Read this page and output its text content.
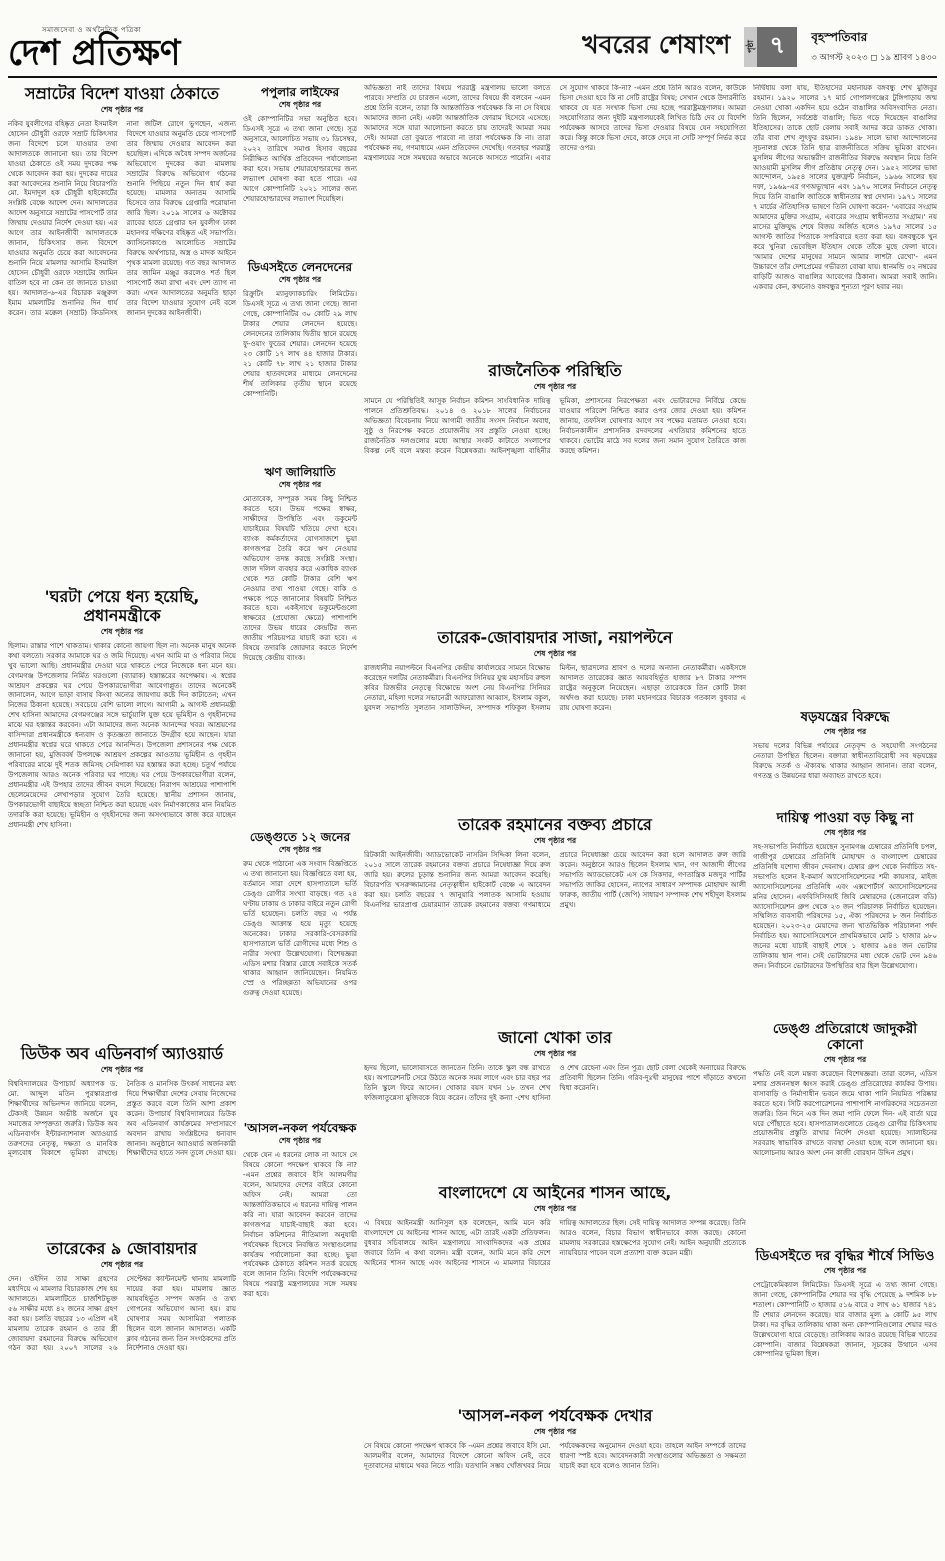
সমাজসেবা ও অর্থনৈতিক পত্রিকা
দেশ প্রতিক্ষণ	খবরের শেষাংশ পৃষ্ঠা ৭	বৃহস্পতিবার
৩ আগস্ট ২০২৩ ◻ ১৯ শ্রাবণ ১৪৩০
সম্রাটের বিদেশ যাওয়া ঠেকাতে
শেষ পৃষ্ঠার পর
নকিব যুবলীগের বহিষ্কৃত নেতা ইসমাইল হোসেন চৌধুরী ওরফে সম্রাট চিকিৎসার জন্য বিদেশে চলে যাওয়ার তথ্য আদালতকে জানানো হয়। তার বিদেশ যাওয়া ঠেকাতে ওই সময় দুদকের পক্ষ থেকে আবেদন করা হয়। দুদকের দায়ের করা আবেদনের শুনানি নিয়ে বিচারপতি মো. ইমদাদুল হক চৌধুরী হাইকোর্টের সংশ্লিষ্ট বেঞ্চে আদেশ দেন। আদালতের আদেশ অনুসারে সম্রাটের পাসপোর্ট তার জিম্মায় দেওয়ার নির্দেশ দেওয়া হয়। এর আগে তার আইনজীবী আদালতকে জানান, চিকিৎসার জন্য বিদেশে যাওয়ার অনুমতি চেয়ে করা আবেদনের শুনানি নিয়ে মামলার আসামি ইসমাইল হোসেন চৌধুরী ওরফে সম্রাটের জামিন বাতিল হবে না কেন তা জানতে চাওয়া হয়। আদালত-৬-এর বিচারক মঞ্জুরুল ইমাম মামলাটির শুনানির দিন ধার্য করেন। তার মক্কেল (সম্রাট) কিডনিসহ নানা জটিল রোগে ভুগছেন, এজন্য বিদেশে যাওয়ার অনুমতি চেয়ে পাসপোর্ট তার জিম্মায় দেওয়ার আবেদন করা হয়েছিল। এদিকে অবৈধ সম্পদ অর্জনের অভিযোগে দুদকের করা মামলায় সম্রাটের বিরুদ্ধে অভিযোগ গঠনের শুনানি পিছিয়ে নতুন দিন ধার্য করা হয়েছে। মামলার অন্যতম আসামি হিসেবে তার বিরুদ্ধে গ্রেপ্তারি পরোয়ানা জারি ছিল। ২০১৯ সালের ৬ অক্টোবর র‍্যাবের হাতে গ্রেপ্তার হন যুবলীগ ঢাকা মহানগর দক্ষিণের বহিষ্কৃত এই সভাপতি। ক্যাসিনোকাণ্ডে আলোচিত সম্রাটের বিরুদ্ধে অর্থপাচার, অস্ত্র ও মাদক আইনে পৃথক মামলা রয়েছে। গত বছর আদালত তার জামিন মঞ্জুর করলেও শর্ত ছিল পাসপোর্ট জমা রাখা এবং দেশ ত্যাগ না করা। এখন আদালতের অনুমতি ছাড়া তার বিদেশ যাওয়ার সুযোগ নেই বলে জানান দুদকের আইনজীবী।
'ঘরটা পেয়ে ধন্য হয়েছি, প্রধানমন্ত্রীকে
শেষ পৃষ্ঠার পর
ছিলাম। রাস্তার পাশে থাকতাম। থাকার কোনো জায়গা ছিল না। অনেক মানুষ অনেক কথা বলতো। সরকার আমাকে ঘর ও জমি দিয়েছে। এখন আমি মা ও পরিবার নিয়ে খুব ভালো আছি। প্রধানমন্ত্রীর দেওয়া ঘরে থাকতে পেরে নিজেকে ধন্য মনে হয়। বেগমগঞ্জ উপজেলার নির্মিত ঘরগুলো (ব্যারাক) হস্তান্তরের অপেক্ষায়। এ স্বপ্নের আশ্রয়ণ প্রকল্পের ঘর পেয়ে উপকারভোগীরা আবেগাপ্লুত। তাদের অনেকেই জানালেন, আগে ভাড়া বাসায় কিংবা অন্যের জায়গায় কষ্টে দিন কাটাতেন; এখন নিজের ঠিকানা হয়েছে। সবচেয়ে বেশি ভালো লাগে। আগামী ৯ আগস্ট প্রধানমন্ত্রী শেখ হাসিনা আমাদের বেগমগঞ্জের সঙ্গে ভার্চুয়ালি যুক্ত হয়ে ভূমিহীন ও গৃহহীনদের মাঝে ঘর হস্তান্তর করবেন। এটা আমাদের জন্য অনেক আনন্দের খবর। আশ্রয়ণের বাসিন্দারা প্রধানমন্ত্রীকে ধন্যবাদ ও কৃতজ্ঞতা জানাতে উদগ্রীব হয়ে আছেন। যারা প্রধানমন্ত্রীর স্বপ্নের ঘরে থাকতে পেরে আনন্দিত। উপজেলা প্রশাসনের পক্ষ থেকে জানানো হয়, মুজিববর্ষ উপলক্ষে আশ্রয়ণ প্রকল্পের আওতায় ভূমিহীন ও গৃহহীন পরিবারের মাঝে দুই শতক জমিসহ সেমিপাকা ঘর হস্তান্তর করা হচ্ছে। চতুর্থ পর্যায়ে উপজেলায় আরও অনেক পরিবার ঘর পাচ্ছে। ঘর পেয়ে উপকারভোগীরা বলেন, প্রধানমন্ত্রীর এই উপহার তাদের জীবন বদলে দিয়েছে। নিরাপদ আশ্রয়ের পাশাপাশি ছেলেমেয়েদের লেখাপড়ার সুযোগ তৈরি হয়েছে। স্থানীয় প্রশাসন জানায়, উপকারভোগী বাছাইয়ে স্বচ্ছতা নিশ্চিত করা হয়েছে এবং নির্মাণকাজের মান নিয়মিত তদারকি করা হয়েছে। ভূমিহীন ও গৃহহীনদের জন্য অসংখ্যভাবে কাজ করে যাচ্ছেন প্রধানমন্ত্রী শেখ হাসিনা।
ডিউক অব এডিনবার্গ অ্যাওয়ার্ড
শেষ পৃষ্ঠার পর
বিশ্ববিদ্যালয়ের উপাচার্য অধ্যাপক ড. মো. আব্দুল মতিন পুরস্কারপ্রাপ্ত শিক্ষার্থীদের অভিনন্দন জানিয়ে বলেন, টেকসই উন্নয়ন অভীষ্ট অর্জনে যুব সমাজের সম্পৃক্ততা জরুরি। ডিউক অব এডিনবার্গস ইন্টারন্যাশনাল অ্যাওয়ার্ড তরুণদের নেতৃত্ব, দক্ষতা ও মানবিক মূল্যবোধ বিকাশে ভূমিকা রাখছে। নৈতিক ও মানসিক উৎকর্ষ সাধনের মধ্য দিয়ে শিক্ষার্থীরা দেশের সেবায় নিজেদের প্রস্তুত করবে বলে তিনি আশা প্রকাশ করেন। উপাচার্য বিশ্ববিদ্যালয়ের ডিউক অব এডিনবার্গ কার্যক্রমের সম্প্রসারণে অবদান রাখায় সংশ্লিষ্টদের ধন্যবাদ জানান। অনুষ্ঠানে অ্যাওয়ার্ড অর্জনকারী শিক্ষার্থীদের হাতে সনদ তুলে দেওয়া হয়।
তারেকের ৯ জোবায়দার
শেষ পৃষ্ঠার পর
দেন। ওইদিন তার সাক্ষ্য গ্রহণের মধ্যদিয়ে এ মামলার বিচারকাজ শেষ হয় আদালতে। মামলাটিতে চার্জশিটভুক্ত ৫৬ সাক্ষীর মধ্যে ৪২ জনের সাক্ষ্য গ্রহণ করা হয়। চলতি বছরের ১৩ এপ্রিল এই মামলায় তারেক রহমান ও তার স্ত্রী জোবায়দা রহমানের বিরুদ্ধে অভিযোগ গঠন করা হয়। ২০০৭ সালের ২৬ সেপ্টেম্বর ক্যান্টনমেন্ট থানায় মামলাটি দায়ের করা হয়। মামলায় জ্ঞাত আয়বহির্ভূত সম্পদ অর্জন ও তথ্য গোপনের অভিযোগ আনা হয়। রায় ঘোষণার সময় আসামিরা পলাতক ছিলেন বলে জানান আদালত। একটি ক্লাব গঠনের জন্য তিন সংগঠকদের প্রতি নির্দেশনাও দেওয়া হয়।
পপুলার লাইফের
শেষ পৃষ্ঠার পর
ওই কোম্পানিটির সভা অনুষ্ঠিত হবে। ডিএসই সূত্রে এ তথ্য জানা গেছে। সূত্র অনুসারে, আলোচিত সভায় ৩১ ডিসেম্বর, ২০২২ তারিখে সমাপ্ত হিসাব বছরের নিরীক্ষিত আর্থিক প্রতিবেদন পর্যালোচনা করা হবে। সভায় শেয়ারহোল্ডারদের জন্য লভ্যাংশ ঘোষণা করা হতে পারে। এর আগে কোম্পানিটি ২০২১ সালের জন্য শেয়ারহোল্ডারদের লভ্যাংশ দিয়েছিল।
ডিএসইতে লেনদেনের
শেষ পৃষ্ঠার পর
রিক্রুটিং ম্যানুফ্যাকচারিং লিমিটেড। ডিএসই সূত্রে এ তথ্য জানা গেছে। জানা গেছে, কোম্পানিটির ৩০ কোটি ২৯ লাখ টাকার শেয়ার লেনদেন হয়েছে। লেনদেনের তালিকায় দ্বিতীয় স্থানে রয়েছে ফু-ওয়াং ফুডের শেয়ার। লেনদেন হয়েছে ২৩ কোটি ১৭ লাখ ৪৪ হাজার টাকার। ২১ কোটি ৭৮ লাখ ২১ হাজার টাকার শেয়ার হাতবদলের মাধ্যমে লেনদেনের শীর্ষ তালিকার তৃতীয় স্থানে রয়েছে কোম্পানিটি।
ঋণ জালিয়াতি
শেষ পৃষ্ঠার পর
মোতাবেক, সম্পূরক সময় কিছু নিশ্চিত করতে হবে। উভয় পক্ষের স্বাক্ষর, সাক্ষীদের উপস্থিতি এবং ডকুমেন্ট যাচাইয়ের বিষয়টি খতিয়ে দেখা হবে। ব্যাংক কর্মকর্তাদের যোগসাজশে ভুয়া কাগজপত্র তৈরি করে ঋণ নেওয়ার অভিযোগ তদন্ত করছে সংশ্লিষ্ট সংস্থা। জাল দলিল ব্যবহার করে একাধিক ব্যাংক থেকে শত কোটি টাকার বেশি ঋণ নেওয়ার তথ্য পাওয়া গেছে। বাকি ও পক্ষকে পড়ে জানানোর বিষয়টি নিশ্চিত করতে হবে। একইসাথে ডকুমেন্টগুলো স্বাক্ষরের (প্রযোজ্য ক্ষেত্রে) পাশাপাশি তাদের উভয় ধারের কেন্দ্রটির জন্য জাতীয় পরিচয়পত্র যাচাই করা হবে। এ বিষয়ে তদারকি জোরদার করতে নির্দেশ দিয়েছে কেন্দ্রীয় ব্যাংক।
ডেঙ্গুতে ১২ জনের
শেষ পৃষ্ঠার পর
রুম থেকে পাঠানো এক সংবাদ বিজ্ঞপ্তিতে এ তথ্য জানানো হয়। বিজ্ঞপ্তিতে বলা হয়, বর্তমানে সারা দেশে হাসপাতালে ভর্তি ডেঙ্গু রোগীর সংখ্যা বাড়ছে। গত ২৪ ঘণ্টায় ঢাকায় ও ঢাকার বাইরে নতুন রোগী ভর্তি হয়েছেন। চলতি বছর এ পর্যন্ত ডেঙ্গু আক্রান্ত হয়ে মৃত্যু হয়েছে অনেকের। ঢাকার সরকারি-বেসরকারি হাসপাতালে ভর্তি রোগীদের মধ্যে শিশু ও নারীর সংখ্যা উল্লেখযোগ্য। বিশেষজ্ঞরা এডিস মশার বিস্তার রোধে সবাইকে সতর্ক থাকার আহ্বান জানিয়েছেন। নিয়মিত স্প্রে ও পরিচ্ছন্নতা অভিযানের ওপর গুরুত্ব দেওয়া হয়েছে।
'আসল-নকল পর্যবেক্ষক
শেষ পৃষ্ঠার পর
থেকে যেন এ ধরনের লোক না আসে সে বিষয়ে কোনো পদক্ষেপ থাকবে কি না? -এমন প্রশ্নের জবাবে ইসি আলমগীর বলেন, আমাদের দেশের বাইরে কোনো অফিস নেই। আমরা তো আন্তর্জাতিকভাবে এ ধরনের দায়িত্ব পালন করি না। যারা আবেদন করবেন তাদের কাগজপত্র যাচাই-বাছাই করা হবে। নির্বাচন কমিশনের নীতিমালা অনুযায়ী পর্যবেক্ষক হিসেবে নিবন্ধিত সংস্থাগুলোর কার্যক্রম পর্যালোচনা করা হচ্ছে। ভুয়া পর্যবেক্ষক ঠেকাতে কমিশন সতর্ক রয়েছে বলে জানান তিনি। বিদেশি পর্যবেক্ষকদের বিষয়ে পররাষ্ট্র মন্ত্রণালয়ের সঙ্গে সমন্বয় করা হবে।
অভিজ্ঞতা নাই তাদের বিষয়ে পররাষ্ট্র মন্ত্রণালয় ভালো বলতে পারবে। সম্প্রতি যে চারজন এলো, তাদের বিষয়ে কী বলবেন -এমন প্রশ্নে তিনি বলেন, তারা কি আন্তর্জাতিক পর্যবেক্ষক কি না সে বিষয়ে আমাদের জানা নেই। একটা আন্তর্জাতিক ফোরাম হিসেবে এসেছে। আমাদের সঙ্গে যারা আলোচনা করতে চায় তাদেরই আমরা সময় দেই। আমরা তো বুঝতে পারবো না তারা পর্যবেক্ষক কি না। তারা পর্যবেক্ষক নয়, গণমাধ্যমে এমন প্রতিবেদন দেখেছি। গতবছর পররাষ্ট্র মন্ত্রণালয়ের সঙ্গে সমন্বয়ের অভাবে অনেকে আসতে পারেনি। এবার সে সুযোগ থাকবে কি-না? -এমন প্রশ্নে তিনি আরও বলেন, কাউকে ভিসা দেওয়া হবে কি না সেটি রাষ্ট্রের বিষয়; সেখান থেকে উদারনীতি থাকবে যে যত সংখ্যক ভিসা দেয় হচ্ছে পররাষ্ট্রমন্ত্রণালয়। আমরা সহযোগিতার জন্য দুইটি মন্ত্রণালয়কেই লিখিত চিঠি দেব যে বিদেশি পর্যবেক্ষক আসবে তাদের ভিসা দেওয়ার বিষয়ে যেন সহযোগিতা করে। কিন্তু কাকে ভিসা দেবে, কাকে দেবে না সেটি সম্পূর্ণ নির্ভর করে তাদের ওপর।
রাজনৈতিক পরিস্থিতি
শেষ পৃষ্ঠার পর
সামনে যে পরিস্থিতিই আসুক নির্বাচন কমিশন সাংবিধানিক দায়িত্ব পালনে প্রতিশ্রুতিবদ্ধ। ২০১৪ ও ২০১৮ সালের নির্বাচনের অভিজ্ঞতা বিবেচনায় নিয়ে আগামী জাতীয় সংসদ নির্বাচন অবাধ, সুষ্ঠু ও নিরপেক্ষ করতে প্রয়োজনীয় সব প্রস্তুতি নেওয়া হচ্ছে। রাজনৈতিক দলগুলোর মধ্যে আস্থার সংকট কাটাতে সংলাপের বিকল্প নেই বলে মন্তব্য করেন বিশ্লেষকরা। আইনশৃঙ্খলা বাহিনীর ভূমিকা, প্রশাসনের নিরপেক্ষতা এবং ভোটারদের নির্বিঘ্নে কেন্দ্রে যাওয়ার পরিবেশ নিশ্চিত করার ওপর জোর দেওয়া হয়। কমিশন জানায়, তফসিল ঘোষণার আগে সব পক্ষের মতামত নেওয়া হবে। নির্বাচনকালীন প্রশাসনিক রদবদলের এখতিয়ার কমিশনের হাতে থাকবে। ভোটের মাঠে সব দলের জন্য সমান সুযোগ তৈরিতে কাজ করছে কমিশন।
তারেক-জোবায়দার সাজা, নয়াপল্টনে
শেষ পৃষ্ঠার পর
রাজধানীর নয়াপল্টনে বিএনপির কেন্দ্রীয় কার্যালয়ের সামনে বিক্ষোভ করেছেন দলটির নেতাকর্মীরা। বিএনপির সিনিয়র যুগ্ম মহাসচিব রুহুল কবির রিজভীর নেতৃত্বে বিক্ষোভে অংশ নেয় বিএনপির সিনিয়র নেতারা, মহিলা দলের সভানেত্রী আফরোজা আব্বাস, ইসলাম বকুল, যুবদল সভাপতি সুলতান সালাউদ্দিন, সম্পাদক শফিকুল ইসলাম মিল্টন, ছাত্রদলের শ্রাবণ ও দলের অন্যান্য নেতাকর্মীরা। একইসঙ্গে আদালত তারেকের জ্ঞাত আয়বহির্ভূত হাজার ৮৭ টাকার সম্পদ রাষ্ট্রের অনুকূলে নিয়েছেন। এছাড়া তারেককে তিন কোটি টাকা অর্থদণ্ড করা হয়েছে। ঢাকা মহানগরের বিচারক গতকাল বুধবার এ রায় ঘোষণা করেন।
তারেক রহমানের বক্তব্য প্রচারে
শেষ পৃষ্ঠার পর
রিটকারী আইনজীবী। অ্যাডভোকেট নাসরিন সিদ্দিকা লিনা বলেন, ২০১৫ সালে তারেক রহমানের বক্তব্য প্রচারে নিষেধাজ্ঞা দিয়ে রুল জারি হয়। রুলের চূড়ান্ত শুনানির জন্য আমরা আবেদন করেছি। বিচারপতি খসরুজ্জামানের নেতৃত্বাধীন হাইকোর্ট বেঞ্চে এ আবেদন করা হয়। চলতি বছরের ৭ জানুয়ারি পলাতক আসামি হওয়ায় বিএনপির ভারপ্রাপ্ত চেয়ারম্যান তারেক রহমানের বক্তব্য গণমাধ্যমে প্রচারে নিষেধাজ্ঞা চেয়ে আবেদন করা হলে আদালত রুল জারি করেন। অনুষ্ঠানে আরও ছিলেন ইসলাম খান, গণ আজাদী লীগের সভাপতি অ্যাডভোকেট এস কে সিকদার, গণতান্ত্রিক মজদুর পার্টির সভাপতি জাকির হোসেন, ন্যাপের সাধারণ সম্পাদক মোহাম্মদ আলী ফারুক, জাতীয় পার্টি (জেপি) সাধারণ সম্পাদক শেখ শহীদুল ইসলাম প্রমুখ।
জানো খোকা তার
শেষ পৃষ্ঠার পর
হৃদয় ছিলো, ভালোবাসতে জানতেন তিনি। তাকে স্কুল বন্ধ রাখতে হয়। অপারেশনটি সেরে উঠতে অনেক সময় লাগে এবং চার বছর পর তিনি স্কুলে ফিরে আসেন। খোকার বয়স যখন ১৮ তখন শেখ ফজিলাতুন্নেসা মুজিবকে বিয়ে করেন। তাঁদের দুই কন্যা -শেখ হাসিনা ও শেখ রেহেনা এবং তিন পুত্র। ছোট বেলা থেকেই অন্যায়ের বিরুদ্ধে প্রতিবাদী ছিলেন তিনি। গরিব-দুঃখী মানুষের পাশে দাঁড়াতে কখনো দ্বিধা করেননি।
বাংলাদেশে যে আইনের শাসন আছে,
শেষ পৃষ্ঠার পর
এ বিষয়ে আইনমন্ত্রী আনিসুল হক বলেছেন, আমি মনে করি বাংলাদেশে যে আইনের শাসন আছে, এটা তারই একটা প্রতিফলন। বুধবার সচিবালয়ে আইন মন্ত্রণালয়ে সাংবাদিকদের এক প্রশ্নের জবাবে তিনি এ কথা বলেন। মন্ত্রী বলেন, আমি মনে করি দেশে আইনের শাসন আছে এবং আইনের শাসনে এ মামলার বিচারের দায়িত্ব আদালতের ছিল। সেই দায়িত্ব আদালত সম্পন্ন করেছে। তিনি আরও বলেন, বিচার বিভাগ স্বাধীনভাবে কাজ করছে। কোনো মামলায় সরকারের হস্তক্ষেপের সুযোগ নেই। আইন অনুযায়ী প্রত্যেকে ন্যায়বিচার পাবেন বলে প্রত্যাশা ব্যক্ত করেন মন্ত্রী।
'আসল-নকল পর্যবেক্ষক দেখার
শেষ পৃষ্ঠার পর
সে বিষয়ে কোনো পদক্ষেপ থাকবে কি -এমন প্রশ্নের জবাবে ইসি মো. আলমগীর বলেন, আমাদের বিদেশে কোনো অফিস নেই, তবে দূতাবাসের মাধ্যমে খবর নিতে পারি। যতখানি সম্ভব খোঁজখবর নিয়ে পর্যবেক্ষকদের অনুমোদন দেওয়া হবে। তাহলে আইন সম্পর্কে তাদের ধারণা স্পষ্ট হবে। আবেদনকারী সংস্থাগুলোর অভিজ্ঞতা ও সক্ষমতা যাচাই করা হবে বলেও জানান তিনি।
নির্দ্বিধায় বলা যায়, ইতিহাসের মহানায়ক বঙ্গবন্ধু শেখ মুজিবুর রহমান। ১৯২০ সালের ১৭ মার্চ গোপালগঞ্জের টুঙ্গিপাড়ায় জন্ম নেওয়া খোকা একদিন হয়ে ওঠেন বাঙালির অবিসংবাদিত নেতা। তিনি ছিলেন, সর্বশ্রেষ্ঠ বাঙালি; ভিত গড়ে দিয়েছেন বাঙালির ইতিহাসের। তাকে ছোট বেলায় সবাই আদর করে ডাকত খোকা। তাঁর বাবা শেখ লুৎফুর রহমান। ১৯৪৮ সালে ভাষা আন্দোলনের সূচনালগ্ন থেকে তিনি ছাত্র রাজনীতিতে সক্রিয় ভূমিকা রাখেন। মুসলিম লীগের অভ্যন্তরীণ রাজনীতির বিরুদ্ধে অবস্থান নিয়ে তিনি আওয়ামী মুসলিম লীগ প্রতিষ্ঠায় নেতৃত্ব দেন। ১৯৫২ সালের ভাষা আন্দোলন, ১৯৫৪ সালের যুক্তফ্রন্ট নির্বাচন, ১৯৬৬ সালের ছয় দফা, ১৯৬৯-এর গণঅভ্যুত্থান এবং ১৯৭০ সালের নির্বাচনে নেতৃত্ব দিয়ে তিনি বাঙালি জাতিকে স্বাধীনতার স্বপ্ন দেখান। ১৯৭১ সালের ৭ মার্চের ঐতিহাসিক ভাষণে তিনি ঘোষণা করেন- 'এবারের সংগ্রাম আমাদের মুক্তির সংগ্রাম, এবারের সংগ্রাম স্বাধীনতার সংগ্রাম।' নয় মাসের মুক্তিযুদ্ধ শেষে বিজয় অর্জিত হলেও ১৯৭৫ সালের ১৫ আগস্ট জাতির পিতাকে সপরিবারে হত্যা করা হয়। বঙ্গবন্ধুকে খুন করে খুনিরা ভেবেছিল ইতিহাস থেকে তাঁকে মুছে ফেলা যাবে। 'আমার দেশের মানুষের সামনে আমার লাশটা রেখো'- এমন উচ্চারণে তাঁর দেশপ্রেমের গভীরতা বোঝা যায়। ধানমন্ডি ৩২ নম্বরের বাড়িটি আজও বাঙালির আবেগের ঠিকানা। আমরা সবাই জানি। একবার কেন, কখনোও বঙ্গবন্ধুর শূন্যতা পূরণ হবার নয়।
ষড়যন্ত্রের বিরুদ্ধে
শেষ পৃষ্ঠার পর
সভায় দলের বিভিন্ন পর্যায়ের নেতৃবৃন্দ ও সহযোগী সংগঠনের নেতারা উপস্থিত ছিলেন। বক্তারা স্বাধীনতাবিরোধী সব ষড়যন্ত্রের বিরুদ্ধে সতর্ক ও ঐক্যবদ্ধ থাকার আহ্বান জানান। তারা বলেন, গণতন্ত্র ও উন্নয়নের ধারা অব্যাহত রাখতে হবে।
দায়িত্ব পাওয়া বড় কিছু না
শেষ পৃষ্ঠার পর
সহ-সভাপতি নির্বাচিত হয়েছেন সুনামগঞ্জ চেম্বারের প্রতিনিধি চপল, গাজীপুর চেম্বারের প্রতিনিধি মোহাম্মদ ও বাংলাদেশ চেম্বারের প্রতিনিধি যশোদা জীবন দেবনাথ। চেম্বার গ্রুপ থেকে নির্বাচিত সহ-সভাপতি হলেন ই-কমার্স অ্যাসোসিয়েশনের শমী কায়সার, মাইজ অ্যাসোসিয়েশনের প্রতিনিধি এবং এক্সপোর্টার্স অ্যাসোসিয়েশনের মনির হোসেন। এফবিসিসিআই জিবি মেম্বারদের (জেনারেল বডি) অ্যাসোসিয়েশন গ্রুপ থেকে ২৩ জন পরিচালক নির্বাচিত হয়েছেন। সম্মিলিত ব্যবসায়ী পরিষদের ১৫, ঐক্য পরিষদের ৮ জন নির্বাচিত হয়েছেন। ২০২৩-২৫ মেয়াদের জন্য খাতভিত্তিক পরিচালনা পর্ষদ নির্বাচিত হয়। অ্যাসোসিয়েশনে প্রাথমিকভাবে মোট ১ হাজার ৯৮০ জনের মধ্যে যাচাই বাছাই শেষে ১ হাজার ৯৪৪ জন ভোটার তালিকায় স্থান পান। সেই ভোটারদের মধ্য থেকে ভোট দেন ৯৪৬ জন। নির্বাচনে ভোটারদের উপস্থিতির হার ছিল উল্লেখযোগ্য।
ডেঙ্গু প্রতিরোধে জাদুকরী কোনো
শেষ পৃষ্ঠার পর
পদ্ধতি নেই বলে মন্তব্য করেছেন বিশেষজ্ঞরা। তারা বলেন, এডিস মশার প্রজননস্থল ধ্বংস করাই ডেঙ্গু প্রতিরোধের কার্যকর উপায়। বাসাবাড়ি ও নির্মাণাধীন ভবনে জমে থাকা পানি নিয়মিত পরিষ্কার করতে হবে। সিটি করপোরেশনের পাশাপাশি নাগরিকদের সচেতনতা জরুরি। তিন দিনে এক দিন জমা পানি ফেলে দিন- এই বার্তা ঘরে ঘরে পৌঁছাতে হবে। হাসপাতালগুলোতে ডেঙ্গু রোগীর চিকিৎসায় প্রয়োজনীয় প্রস্তুতি রাখার নির্দেশ দেওয়া হয়েছে। স্যালাইনের সরবরাহ স্বাভাবিক রাখতে ব্যবস্থা নেওয়া হচ্ছে বলে জানানো হয়। আলোচনায় আরও অংশ নেন কাজী বোরহান উদ্দিন প্রমুখ।
ডিএসইতে দর বৃদ্ধির শীর্ষে সিভিও
শেষ পৃষ্ঠার পর
পেট্রোকেমিক্যাল লিমিটেড। ডিএসই সূত্রে এ তথ্য জানা গেছে। জানা গেছে, কোম্পানিটির শেয়ার দর বৃদ্ধি পেয়েছে ৯ দশমিক ৮৮ শতাংশ। কোম্পানিটি ৩ হাজার ৫১৬ বারে ৫ লাখ ৬১ হাজার ৭৪১ টি শেয়ার লেনদেন করেছে। যার বাজার মূল্য ৯ কোটি ৯৫ লাখ টাকা। দর বৃদ্ধির তালিকায় থাকা অন্য কোম্পানিগুলোর শেয়ার দরও উল্লেখযোগ্য হারে বেড়েছে। তালিকায় আরও রয়েছে বিভিন্ন খাতের কোম্পানি। বাজার বিশ্লেষকরা জানান, সূচকের উত্থানে এসব কোম্পানির ভূমিকা ছিল।
